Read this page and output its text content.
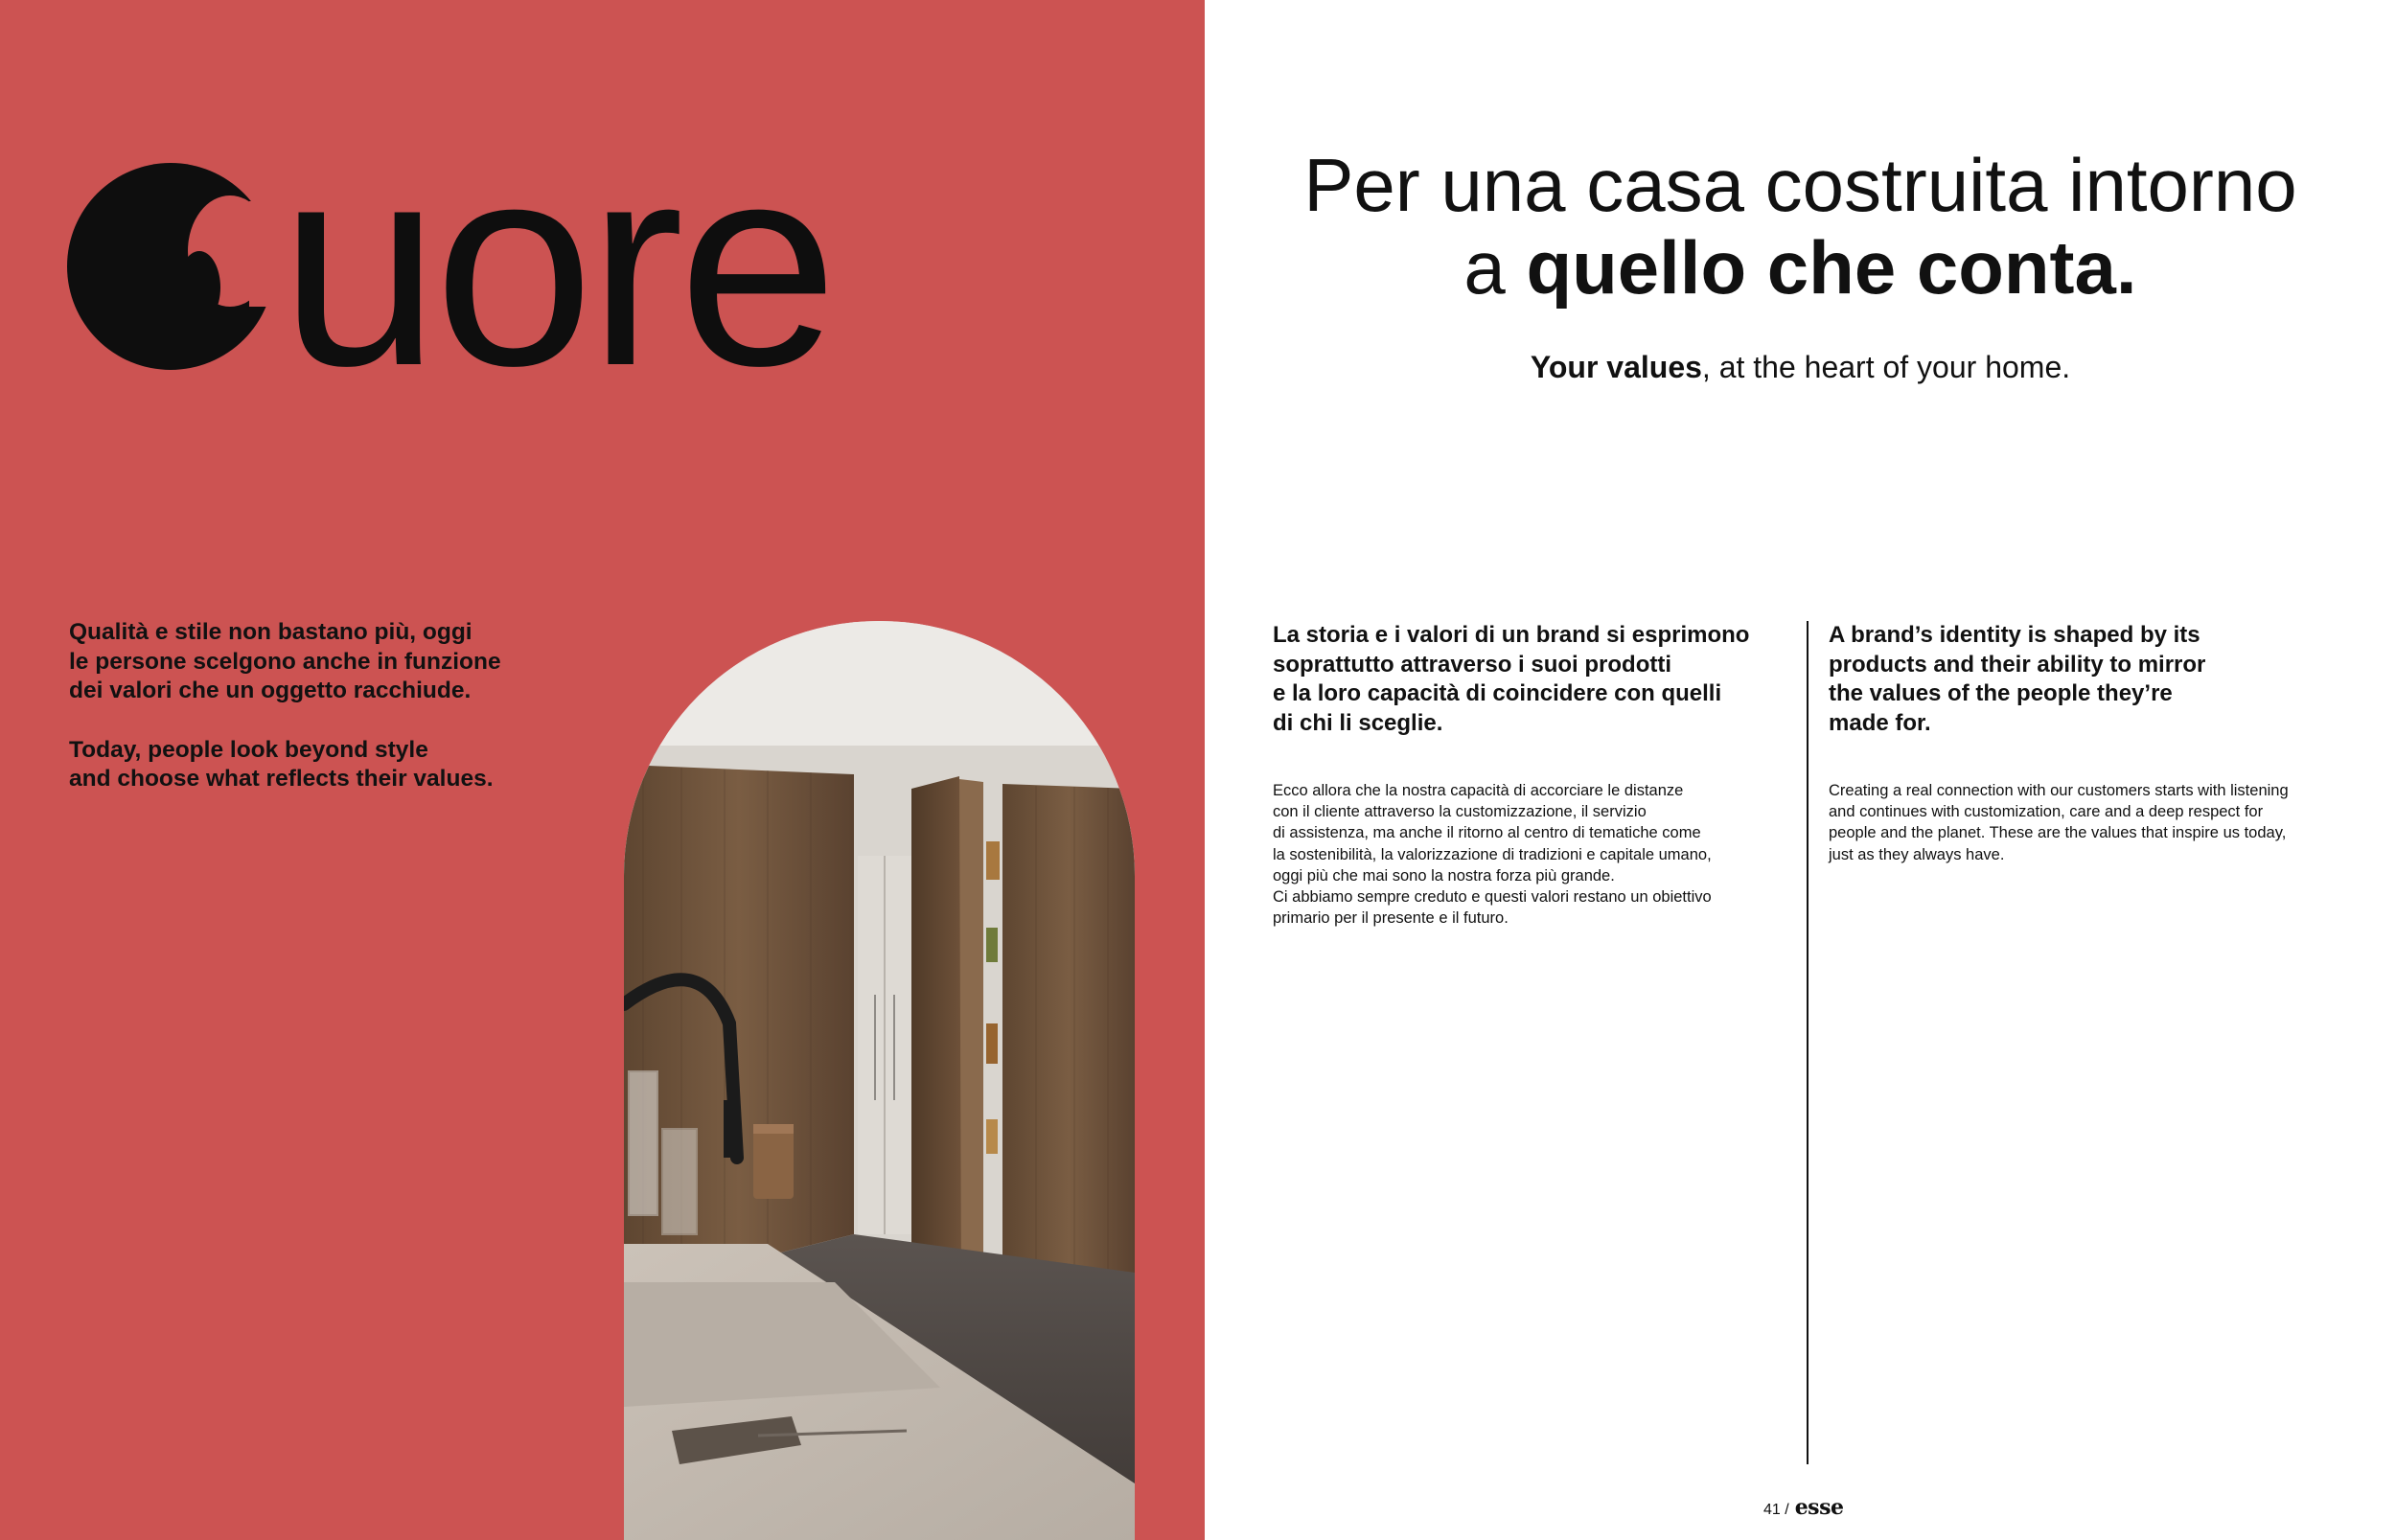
uore

Qualità e stile non bastano più, oggi
le persone scelgono anche in funzione
dei valori che un oggetto racchiude.

Today, people look beyond style
and choose what reflects their values.

Per una casa costruita intorno
a quello che conta.
Your values, at the heart of your home.
La storia e i valori di un brand si esprimono
soprattutto attraverso i suoi prodotti
e la loro capacità di coincidere con quelli
di chi li sceglie.

Ecco allora che la nostra capacità di accorciare le distanze
con il cliente attraverso la customizzazione, il servizio
di assistenza, ma anche il ritorno al centro di tematiche come
la sostenibilità, la valorizzazione di tradizioni e capitale umano,
oggi più che mai sono la nostra forza più grande.
Ci abbiamo sempre creduto e questi valori restano un obiettivo
primario per il presente e il futuro.

A brand’s identity is shaped by its
products and their ability to mirror
the values of the people they’re
made for.

Creating a real connection with our customers starts with listening
and continues with customization, care and a deep respect for
people and the planet. These are the values that inspire us today,
just as they always have.

41 / esse
